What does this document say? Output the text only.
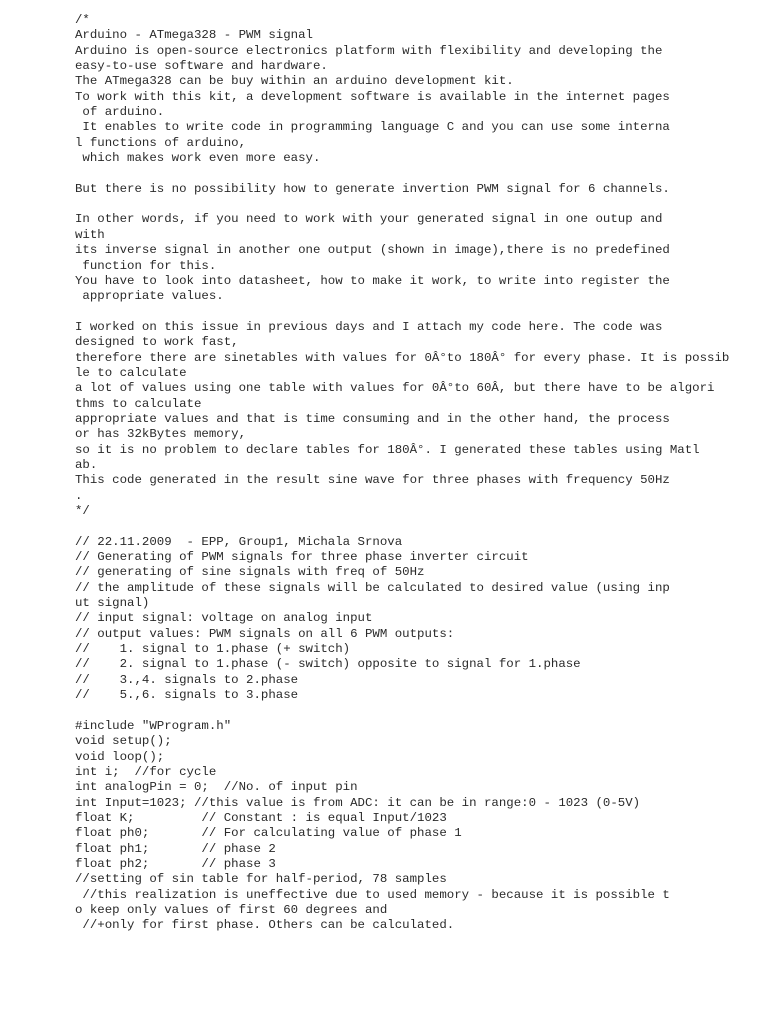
/*
Arduino - ATmega328 - PWM signal
Arduino is open-source electronics platform with flexibility and developing the
easy-to-use software and hardware.
The ATmega328 can be buy within an arduino development kit.
To work with this kit, a development software is available in the internet pages
of arduino.
It enables to write code in programming language C and you can use some interna
l functions of arduino,
which makes work even more easy.
But there is no possibility how to generate invertion PWM signal for 6 channels.
In other words, if you need to work with your generated signal in one outup and
with
its inverse signal in another one output (shown in image),there is no predefined
function for this.
You have to look into datasheet, how to make it work, to write into register the
appropriate values.
I worked on this issue in previous days and I attach my code here. The code was
designed to work fast,
therefore there are sinetables with values for 0Â°to 180Â° for every phase. It is possib
le to calculate
a lot of values using one table with values for 0Â°to 60Â, but there have to be algori
thms to calculate
appropriate values and that is time consuming and in the other hand, the process
or has 32kBytes memory,
so it is no problem to declare tables for 180Â°. I generated these tables using Matl
ab.
This code generated in the result sine wave for three phases with frequency 50Hz
.
*/
// 22.11.2009  - EPP, Group1, Michala Srnova
// Generating of PWM signals for three phase inverter circuit
// generating of sine signals with freq of 50Hz
// the amplitude of these signals will be calculated to desired value (using inp
ut signal)
// input signal: voltage on analog input
// output values: PWM signals on all 6 PWM outputs:
//    1. signal to 1.phase (+ switch)
//    2. signal to 1.phase (- switch) opposite to signal for 1.phase
//    3.,4. signals to 2.phase
//    5.,6. signals to 3.phase
#include "WProgram.h"
void setup();
void loop();
int i;  //for cycle
int analogPin = 0;  //No. of input pin
int Input=1023; //this value is from ADC: it can be in range:0 - 1023 (0-5V)
float K;         // Constant : is equal Input/1023
float ph0;       // For calculating value of phase 1
float ph1;       // phase 2
float ph2;       // phase 3
//setting of sin table for half-period, 78 samples
//this realization is uneffective due to used memory - because it is possible t
o keep only values of first 60 degrees and
//+only for first phase. Others can be calculated.
